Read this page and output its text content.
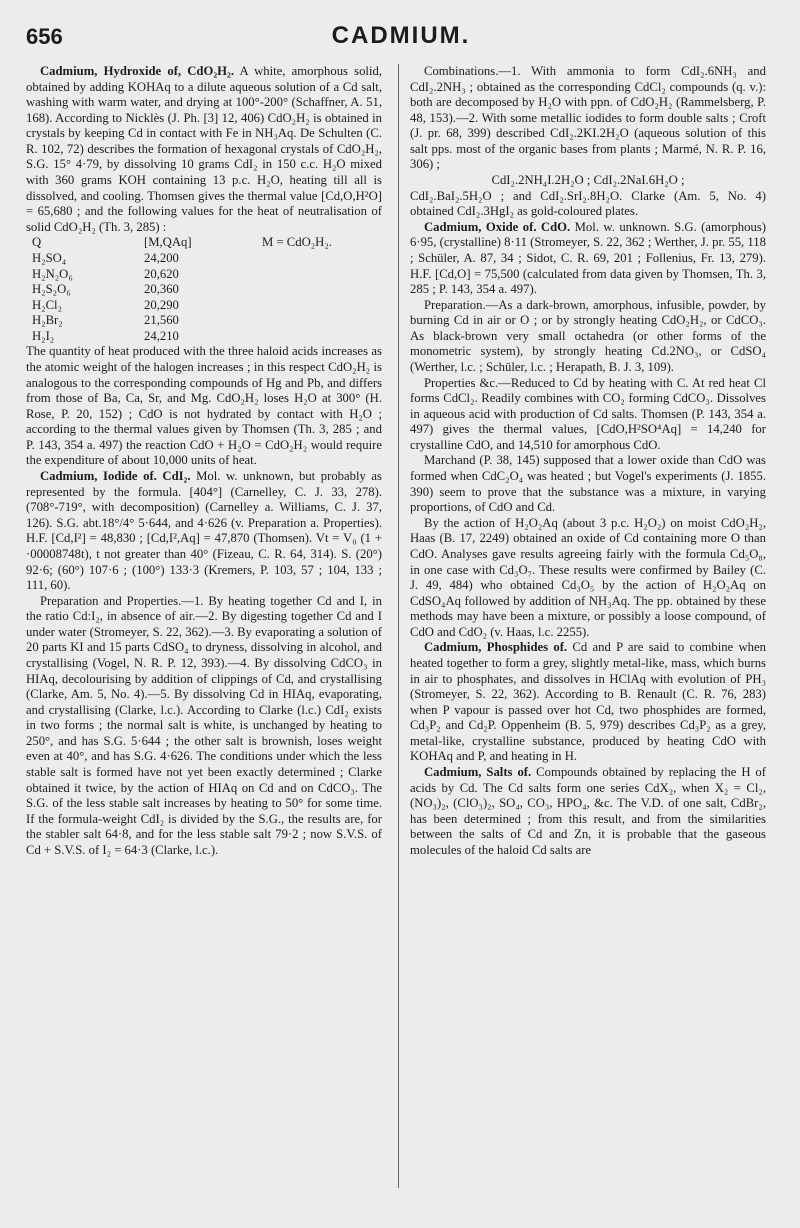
656	CADMIUM.

Cadmium, Hydroxide of, CdO₂H₂. A white, amorphous solid, obtained by adding KOHAq to a dilute aqueous solution of a Cd salt, washing with warm water, and drying at 100°-200° (Schaffner, A. 51, 168). According to Nicklès (J. Ph. [3] 12, 406) CdO₂H₂ is obtained in crystals by keeping Cd in contact with Fe in NH₃Aq. De Schulten (C. R. 102, 72) describes the formation of hexagonal crystals of CdO₂H₂, S.G. 15° 4·79, by dissolving 10 grams CdI₂ in 150 c.c. H₂O mixed with 360 grams KOH containing 13 p.c. H₂O, heating till all is dissolved, and cooling. Thomsen gives the thermal value [Cd,O,H²O] = 65,680 ; and the following values for the heat of neutralisation of solid CdO₂H₂ (Th. 3, 285) :

Q	[M,QAq]	M = CdO₂H₂.
H₂SO₄	24,200	
H₂N₂O₆	20,620	
H₂S₂O₆	20,360	
H₂Cl₂	20,290	
H₂Br₂	21,560	
H₂I₂	24,210	

The quantity of heat produced with the three haloid acids increases as the atomic weight of the halogen increases ; in this respect CdO₂H₂ is analogous to the corresponding compounds of Hg and Pb, and differs from those of Ba, Ca, Sr, and Mg. CdO₂H₂ loses H₂O at 300° (H. Rose, P. 20, 152) ; CdO is not hydrated by contact with H₂O ; according to the thermal values given by Thomsen (Th. 3, 285 ; and P. 143, 354 a. 497) the reaction CdO + H₂O = CdO₂H₂ would require the expenditure of about 10,000 units of heat.

Cadmium, Iodide of. CdI₂. Mol. w. unknown, but probably as represented by the formula. [404°] (Carnelley, C. J. 33, 278). (708°-719°, with decomposition) (Carnelley a. Williams, C. J. 37, 126). S.G. abt.18°/4° 5·644, and 4·626 (v. Preparation a. Properties). H.F. [Cd,I²] = 48,830 ; [Cd,I²,Aq] = 47,870 (Thomsen). Vt = V₀ (1 + ·00008748t), t not greater than 40° (Fizeau, C. R. 64, 314). S. (20°) 92·6; (60°) 107·6 ; (100°) 133·3 (Kremers, P. 103, 57 ; 104, 133 ; 111, 60).

Preparation and Properties.—1. By heating together Cd and I, in the ratio Cd:I₂, in absence of air.—2. By digesting together Cd and I under water (Stromeyer, S. 22, 362).—3. By evaporating a solution of 20 parts KI and 15 parts CdSO₄ to dryness, dissolving in alcohol, and crystallising (Vogel, N. R. P. 12, 393).—4. By dissolving CdCO₃ in HIAq, decolourising by addition of clippings of Cd, and crystallising (Clarke, Am. 5, No. 4).—5. By dissolving Cd in HIAq, evaporating, and crystallising (Clarke, l.c.). According to Clarke (l.c.) CdI₂ exists in two forms ; the normal salt is white, is unchanged by heating to 250°, and has S.G. 5·644 ; the other salt is brownish, loses weight even at 40°, and has S.G. 4·626. The conditions under which the less stable salt is formed have not yet been exactly determined ; Clarke obtained it twice, by the action of HIAq on Cd and on CdCO₃. The S.G. of the less stable salt increases by heating to 50° for some time. If the formula-weight CdI₂ is divided by the S.G., the results are, for the stabler salt 64·8, and for the less stable salt 79·2 ; now S.V.S. of Cd + S.V.S. of I₂ = 64·3 (Clarke, l.c.).

Combinations.—1. With ammonia to form CdI₂.6NH₃ and CdI₂.2NH₃ ; obtained as the corresponding CdCl₂ compounds (q. v.): both are decomposed by H₂O with ppn. of CdO₂H₂ (Rammelsberg, P. 48, 153).—2. With some metallic iodides to form double salts ; Croft (J. pr. 68, 399) described CdI₂.2KI.2H₂O (aqueous solution of this salt pps. most of the organic bases from plants ; Marmé, N. R. P. 16, 306) ;

CdI₂.2NH₄I.2H₂O ; CdI₂.2NaI.6H₂O ;

CdI₂.BaI₂.5H₂O ; and CdI₂.SrI₂.8H₂O. Clarke (Am. 5, No. 4) obtained CdI₂.3HgI₂ as gold-coloured plates.

Cadmium, Oxide of. CdO. Mol. w. unknown. S.G. (amorphous) 6·95, (crystalline) 8·11 (Stromeyer, S. 22, 362 ; Werther, J. pr. 55, 118 ; Schüler, A. 87, 34 ; Sidot, C. R. 69, 201 ; Follenius, Fr. 13, 279). H.F. [Cd,O] = 75,500 (calculated from data given by Thomsen, Th. 3, 285 ; P. 143, 354 a. 497).

Preparation.—As a dark-brown, amorphous, infusible, powder, by burning Cd in air or O ; or by strongly heating CdO₂H₂, or CdCO₃. As black-brown very small octahedra (or other forms of the monometric system), by strongly heating Cd.2NO₃, or CdSO₄ (Werther, l.c. ; Schüler, l.c. ; Herapath, B. J. 3, 109).

Properties &c.—Reduced to Cd by heating with C. At red heat Cl forms CdCl₂. Readily combines with CO₂ forming CdCO₃. Dissolves in aqueous acid with production of Cd salts. Thomsen (P. 143, 354 a. 497) gives the thermal values, [CdO,H²SO⁴Aq] = 14,240 for crystalline CdO, and 14,510 for amorphous CdO.

Marchand (P. 38, 145) supposed that a lower oxide than CdO was formed when CdC₂O₄ was heated ; but Vogel's experiments (J. 1855. 390) seem to prove that the substance was a mixture, in varying proportions, of CdO and Cd.

By the action of H₂O₂Aq (about 3 p.c. H₂O₂) on moist CdO₂H₂, Haas (B. 17, 2249) obtained an oxide of Cd containing more O than CdO. Analyses gave results agreeing fairly with the formula Cd₅O₈, in one case with Cd₃O₇. These results were confirmed by Bailey (C. J. 49, 484) who obtained Cd₃O₅ by the action of H₂O₂Aq on CdSO₄Aq followed by addition of NH₃Aq. The pp. obtained by these methods may have been a mixture, or possibly a loose compound, of CdO and CdO₂ (v. Haas, l.c. 2255).

Cadmium, Phosphides of. Cd and P are said to combine when heated together to form a grey, slightly metal-like, mass, which burns in air to phosphates, and dissolves in HClAq with evolution of PH₃ (Stromeyer, S. 22, 362). According to B. Renault (C. R. 76, 283) when P vapour is passed over hot Cd, two phosphides are formed, Cd₃P₂ and Cd₂P. Oppenheim (B. 5, 979) describes Cd₃P₂ as a grey, metal-like, crystalline substance, produced by heating CdO with KOHAq and P, and heating in H.

Cadmium, Salts of. Compounds obtained by replacing the H of acids by Cd. The Cd salts form one series CdX₂, when X₂ = Cl₂, (NO₃)₂, (ClO₃)₂, SO₄, CO₃, HPO₄, &c. The V.D. of one salt, CdBr₂, has been determined ; from this result, and from the similarities between the salts of Cd and Zn, it is probable that the gaseous molecules of the haloid Cd salts are
